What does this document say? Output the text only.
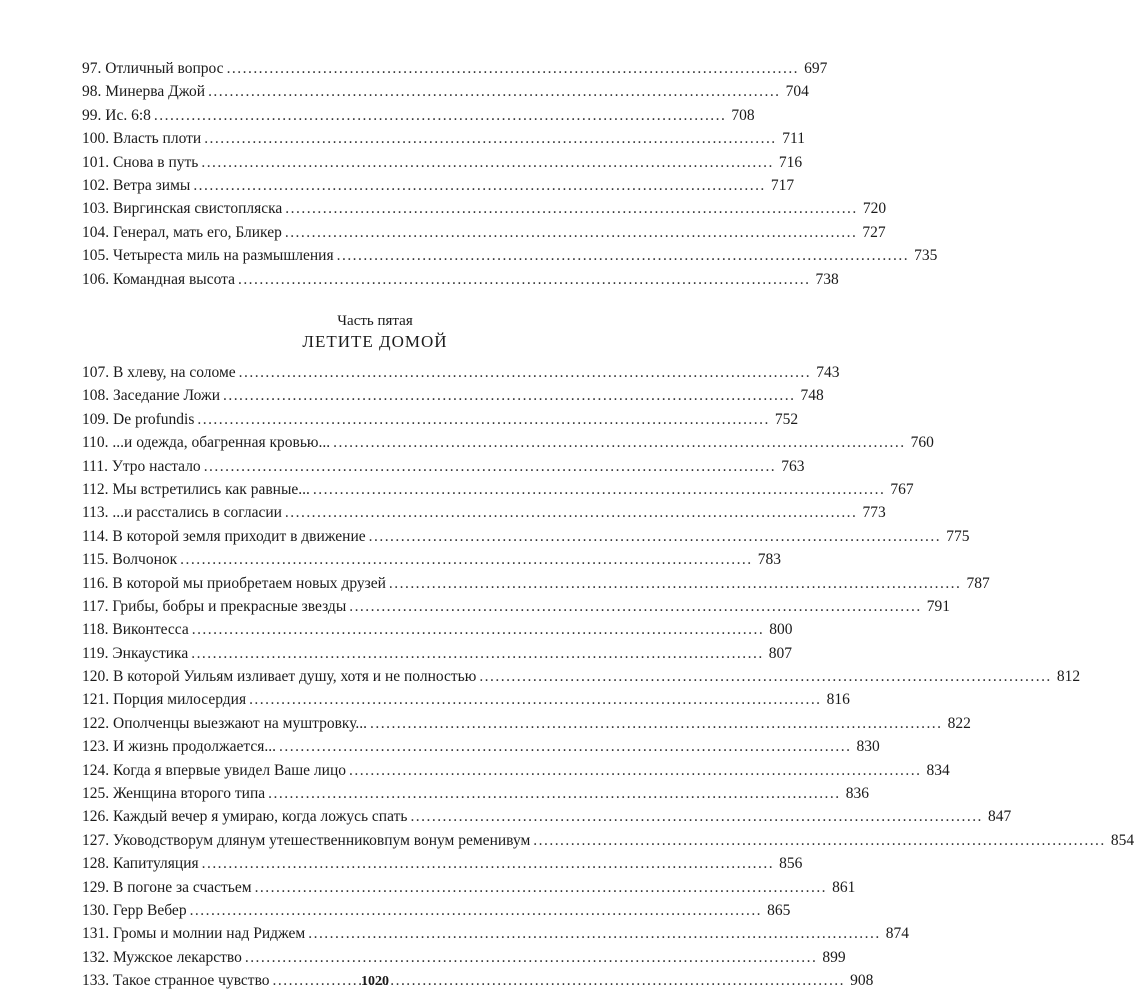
97. Отличный вопрос . . .	697
98. Минерва Джой . . .	704
99. Ис. 6:8 . . .	708
100. Власть плоти . . .	711
101. Снова в путь . . .	716
102. Ветра зимы . . .	717
103. Виргинская свистопляска . . .	720
104. Генерал, мать его, Бликер . . .	727
105. Четыреста миль на размышления . . .	735
106. Командная высота . . .	738
Часть пятая
ЛЕТИТЕ ДОМОЙ
107. В хлеву, на соломе . . .	743
108. Заседание Ложи . . .	748
109. De profundis . . .	752
110. ...и одежда, обагренная кровью... . . .	760
111. Утро настало . . .	763
112. Мы встретились как равные... . . .	767
113. ...и расстались в согласии . . .	773
114. В которой земля приходит в движение . . .	775
115. Волчонок . . .	783
116. В которой мы приобретаем новых друзей . . .	787
117. Грибы, бобры и прекрасные звезды . . .	791
118. Виконтесса . . .	800
119. Энкаустика . . .	807
120. В которой Уильям изливает душу, хотя и не полностью . . .	812
121. Порция милосердия . . .	816
122. Ополченцы выезжают на муштровку... . . .	822
123. И жизнь продолжается... . . .	830
124. Когда я впервые увидел Ваше лицо . . .	834
125. Женщина второго типа . . .	836
126. Каждый вечер я умираю, когда ложусь спать . . .	847
127. Уководстворум длянум утешественниковпум вонум ременивум . . .	854
128. Капитуляция . . .	856
129. В погоне за счастьем . . .	861
130. Герр Вебер . . .	865
131. Громы и молнии над Риджем . . .	874
132. Мужское лекарство . . .	899
133. Такое странное чувство . . .	908
1020
